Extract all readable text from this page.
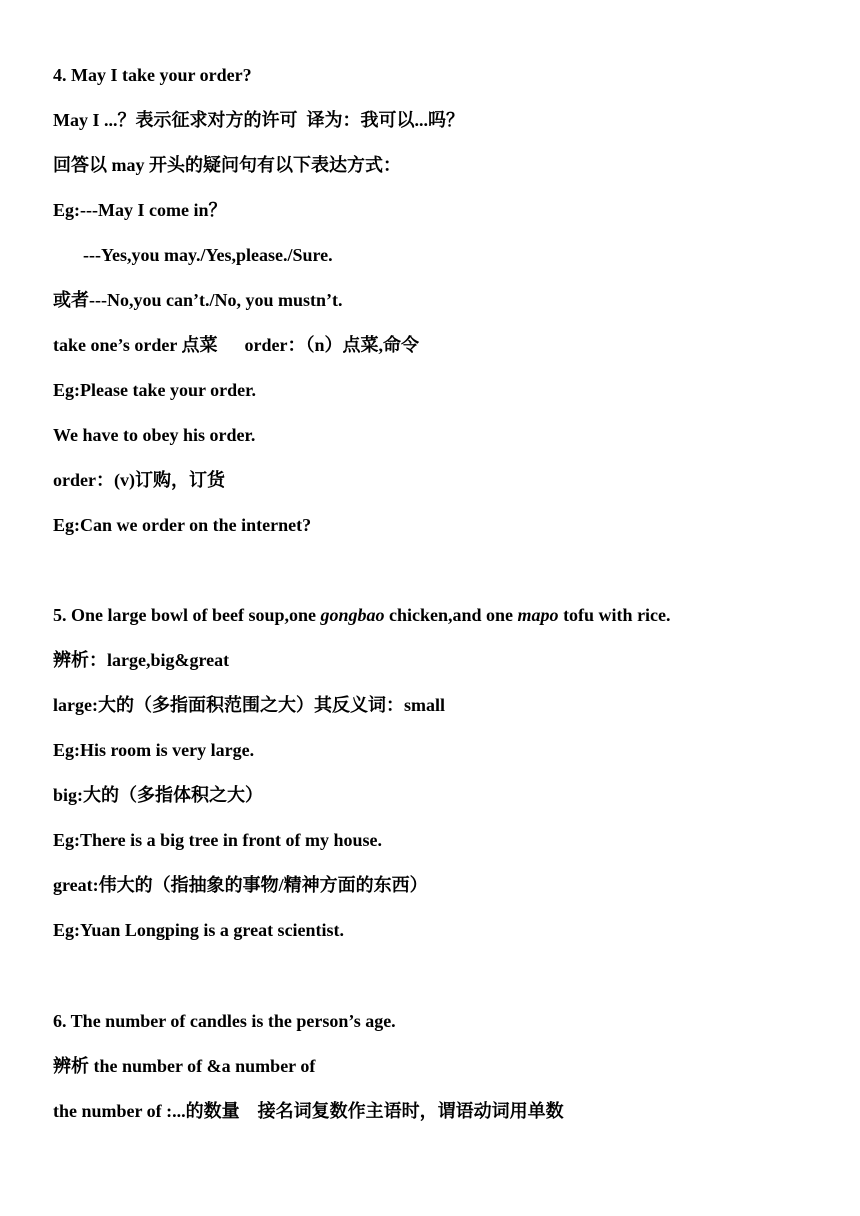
4. May I take your order?

May I ...？表示征求对方的许可  译为：我可以...吗？

回答以 may 开头的疑问句有以下表达方式：

Eg:---May I come in？

---Yes,you may./Yes,please./Sure.

或者---No,you can’t./No, you mustn’t.

take one’s order 点菜      order：（n）点菜,命令

Eg:Please take your order.

We have to obey his order.

order：(v)订购，订货

Eg:Can we order on the internet?

5. One large bowl of beef soup,one gongbao chicken,and one mapo tofu with rice.

辨析：large,big&great

large:大的（多指面积范围之大）其反义词：small

Eg:His room is very large.

big:大的（多指体积之大）

Eg:There is a big tree in front of my house.

great:伟大的（指抽象的事物/精神方面的东西）

Eg:Yuan Longping is a great scientist.

6. The number of candles is the person’s age.

辨析 the number of &a number of

the number of :...的数量    接名词复数作主语时，谓语动词用单数
